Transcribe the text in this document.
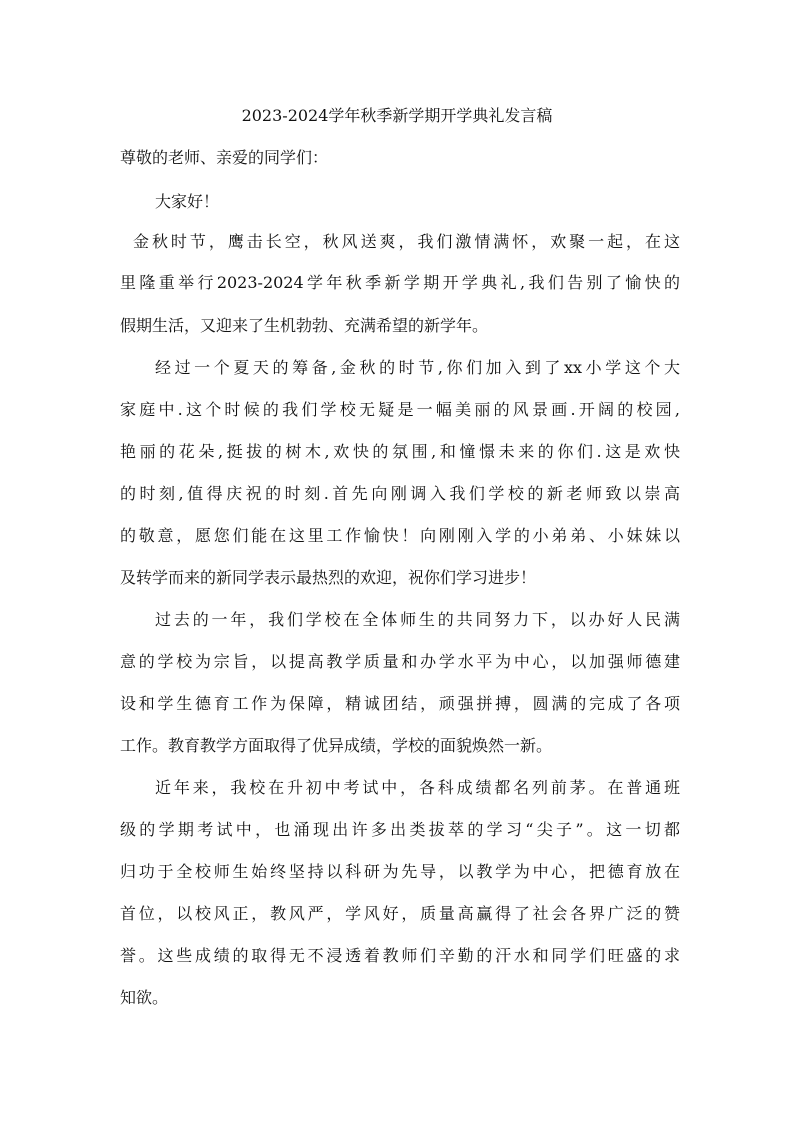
2023-2024学年秋季新学期开学典礼发言稿
尊敬的老师、亲爱的同学们：
大家好！
金秋时节，鹰击长空，秋风送爽，我们激情满怀，欢聚一起，在这
里隆重举行2023-2024学年秋季新学期开学典礼,我们告别了愉快的
假期生活，又迎来了生机勃勃、充满希望的新学年。
经过一个夏天的筹备,金秋的时节,你们加入到了xx小学这个大
家庭中.这个时候的我们学校无疑是一幅美丽的风景画.开阔的校园,
艳丽的花朵,挺拔的树木,欢快的氛围,和憧憬未来的你们.这是欢快
的时刻,值得庆祝的时刻.首先向刚调入我们学校的新老师致以崇高
的敬意，愿您们能在这里工作愉快！向刚刚入学的小弟弟、小妹妹以
及转学而来的新同学表示最热烈的欢迎，祝你们学习进步！
过去的一年，我们学校在全体师生的共同努力下，以办好人民满
意的学校为宗旨，以提高教学质量和办学水平为中心，以加强师德建
设和学生德育工作为保障，精诚团结，顽强拼搏，圆满的完成了各项
工作。教育教学方面取得了优异成绩，学校的面貌焕然一新。
近年来，我校在升初中考试中，各科成绩都名列前茅。在普通班
级的学期考试中，也涌现出许多出类拔萃的学习“尖子”。这一切都
归功于全校师生始终坚持以科研为先导，以教学为中心，把德育放在
首位，以校风正，教风严，学风好，质量高赢得了社会各界广泛的赞
誉。这些成绩的取得无不浸透着教师们辛勤的汗水和同学们旺盛的求
知欲。
